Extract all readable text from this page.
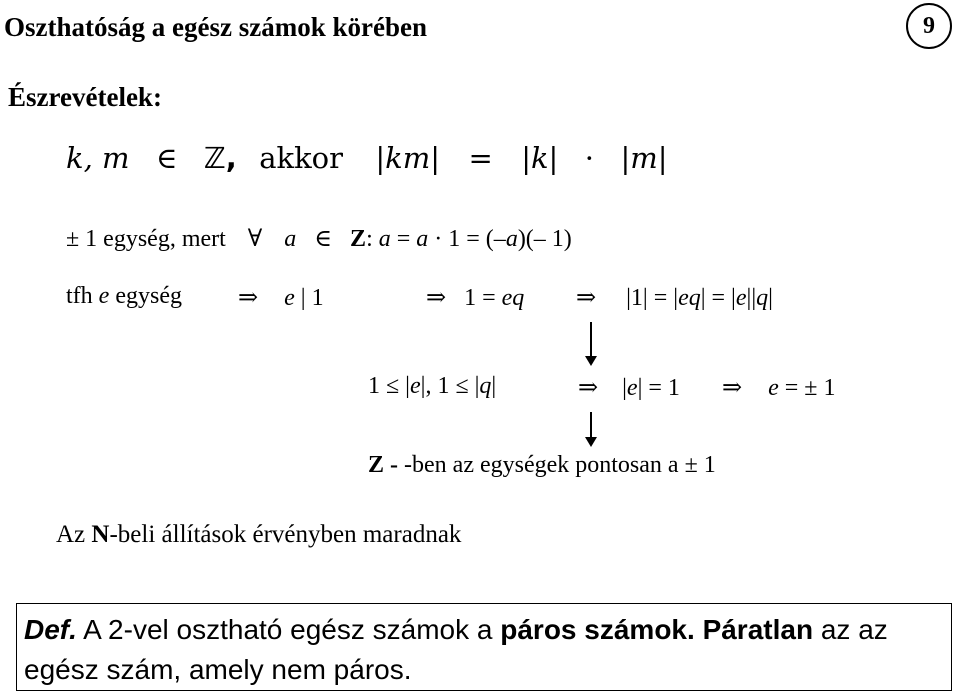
Oszthatóság a egész számok körében	9
Észrevételek:
k, m ∈ ℤ, akkor |km| = |k| · |m|
± 1 egység, mert ∀ a ∈ Z: a = a · 1 = (–a)(– 1)
tfh e egység ⇒ e | 1	⇒ 1 = eq ⇒ |1| = |eq| = |e||q|
1 ≤ |e|, 1 ≤ |q|	⇒ |e| = 1 ⇒ e = ± 1
Z - -ben az egységek pontosan a ± 1
Az N-beli állítások érvényben maradnak
Def. A 2-vel osztható egész számok a páros számok. Páratlan az az
egész szám, amely nem páros.
